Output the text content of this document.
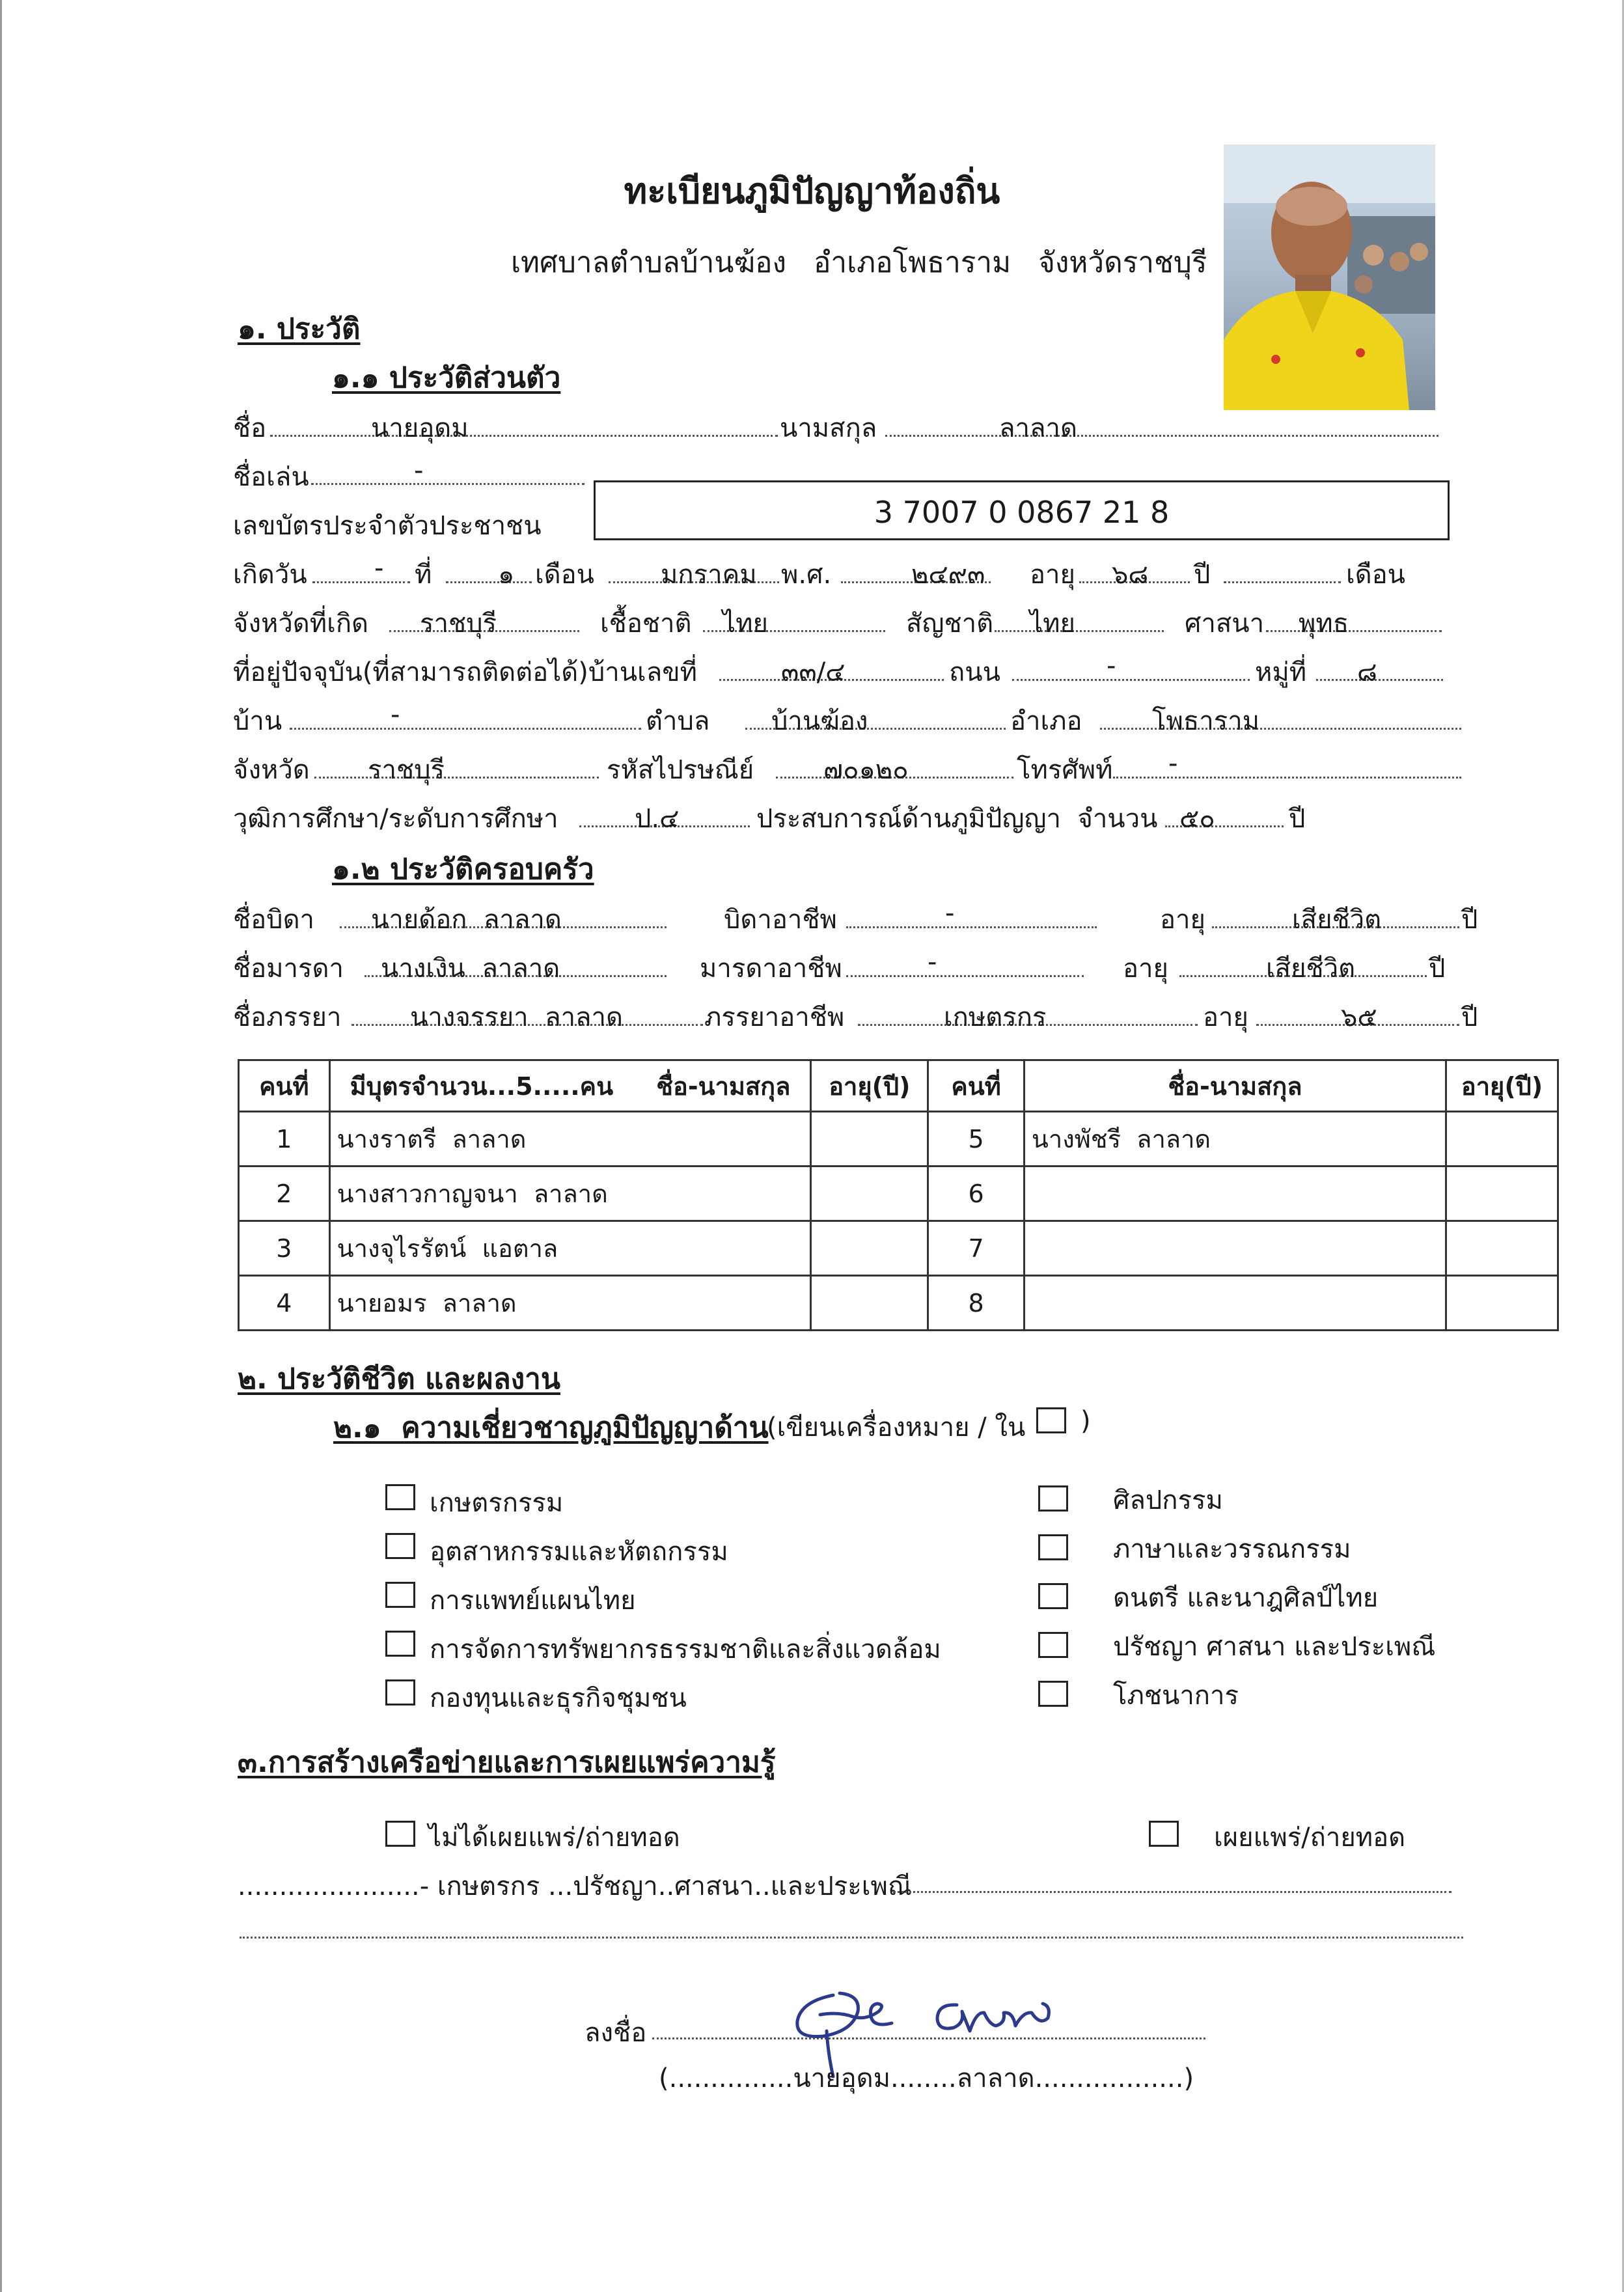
ทะเบียนภูมิปัญญาท้องถิ่น
เทศบาลตำบลบ้านฆ้อง   อำเภอโพธาราม   จังหวัดราชบุรี
๑. ประวัติ
๑.๑ ประวัติส่วนตัว
ชื่อ	นายอุดม	นามสกุล	ลาลาด
ชื่อเล่น	-
เลขบัตรประจำตัวประชาชน	3 7007 0 0867 21 8
เกิดวัน	- ที่	๑ เดือน	มกราคม พ.ศ.	๒๔๙๓ อายุ ๖๘ ปี	เดือน
จังหวัดที่เกิด ราชบุรี	เชื้อชาติ ไทย	สัญชาติ ไทย	ศาสนา พุทธ
ที่อยู่ปัจจุบัน(ที่สามารถติดต่อได้)บ้านเลขที่	๓๓/๔	ถนน	-	หมู่ที่ ๘
บ้าน	-	ตำบล บ้านฆ้อง	อำเภอ	โพธาราม
จังหวัด ราชบุรี	รหัสไปรษณีย์	๗๐๑๒๐	โทรศัพท์ -
วุฒิการศึกษา/ระดับการศึกษา	ป.๔	ประสบการณ์ด้านภูมิปัญญา  จำนวน ๕๐	ปี
๑.๒ ประวัติครอบครัว
ชื่อบิดา นายด้อก  ลาลาด	บิดาอาชีพ	-	อายุ	เสียชีวิต	ปี
ชื่อมารดา นางเงิน  ลาลาด	มารดาอาชีพ	-	อายุ	เสียชีวิต	ปี
ชื่อภรรยา	นางจรรยา  ลาลาด	ภรรยาอาชีพ	เกษตรกร	อายุ	๖๕	ปี
คนที่	มีบุตรจำนวน...5.....คน     ชื่อ-นามสกุล	อายุ(ปี)	คนที่	ชื่อ-นามสกุล	อายุ(ปี)
1	นางราตรี  ลาลาด		5	นางพัชรี  ลาลาด	
2	นางสาวกาญจนา  ลาลาด		6		
3	นางจุไรรัตน์  แอตาล		7		
4	นายอมร  ลาลาด		8		
๒. ประวัติชีวิต และผลงาน
๒.๑  ความเชี่ยวชาญภูมิปัญญาด้าน
(เขียนเครื่องหมาย / ใน )
เกษตรกรรม
อุตสาหกรรมและหัตถกรรม
การแพทย์แผนไทย
การจัดการทรัพยากรธรรมชาติและสิ่งแวดล้อม
กองทุนและธุรกิจชุมชน
ศิลปกรรม
ภาษาและวรรณกรรม
ดนตรี และนาฎศิลป์ไทย
ปรัชญา ศาสนา และประเพณี
โภชนาการ
๓.การสร้างเครือข่ายและการเผยแพร่ความรู้
ไม่ได้เผยแพร่/ถ่ายทอด	เผยแพร่/ถ่ายทอด
......................- เกษตรกร ...ปรัชญา..ศาสนา..และประเพณี
ลงชื่อ
(...............นายอุดม........ลาลาด..................)
